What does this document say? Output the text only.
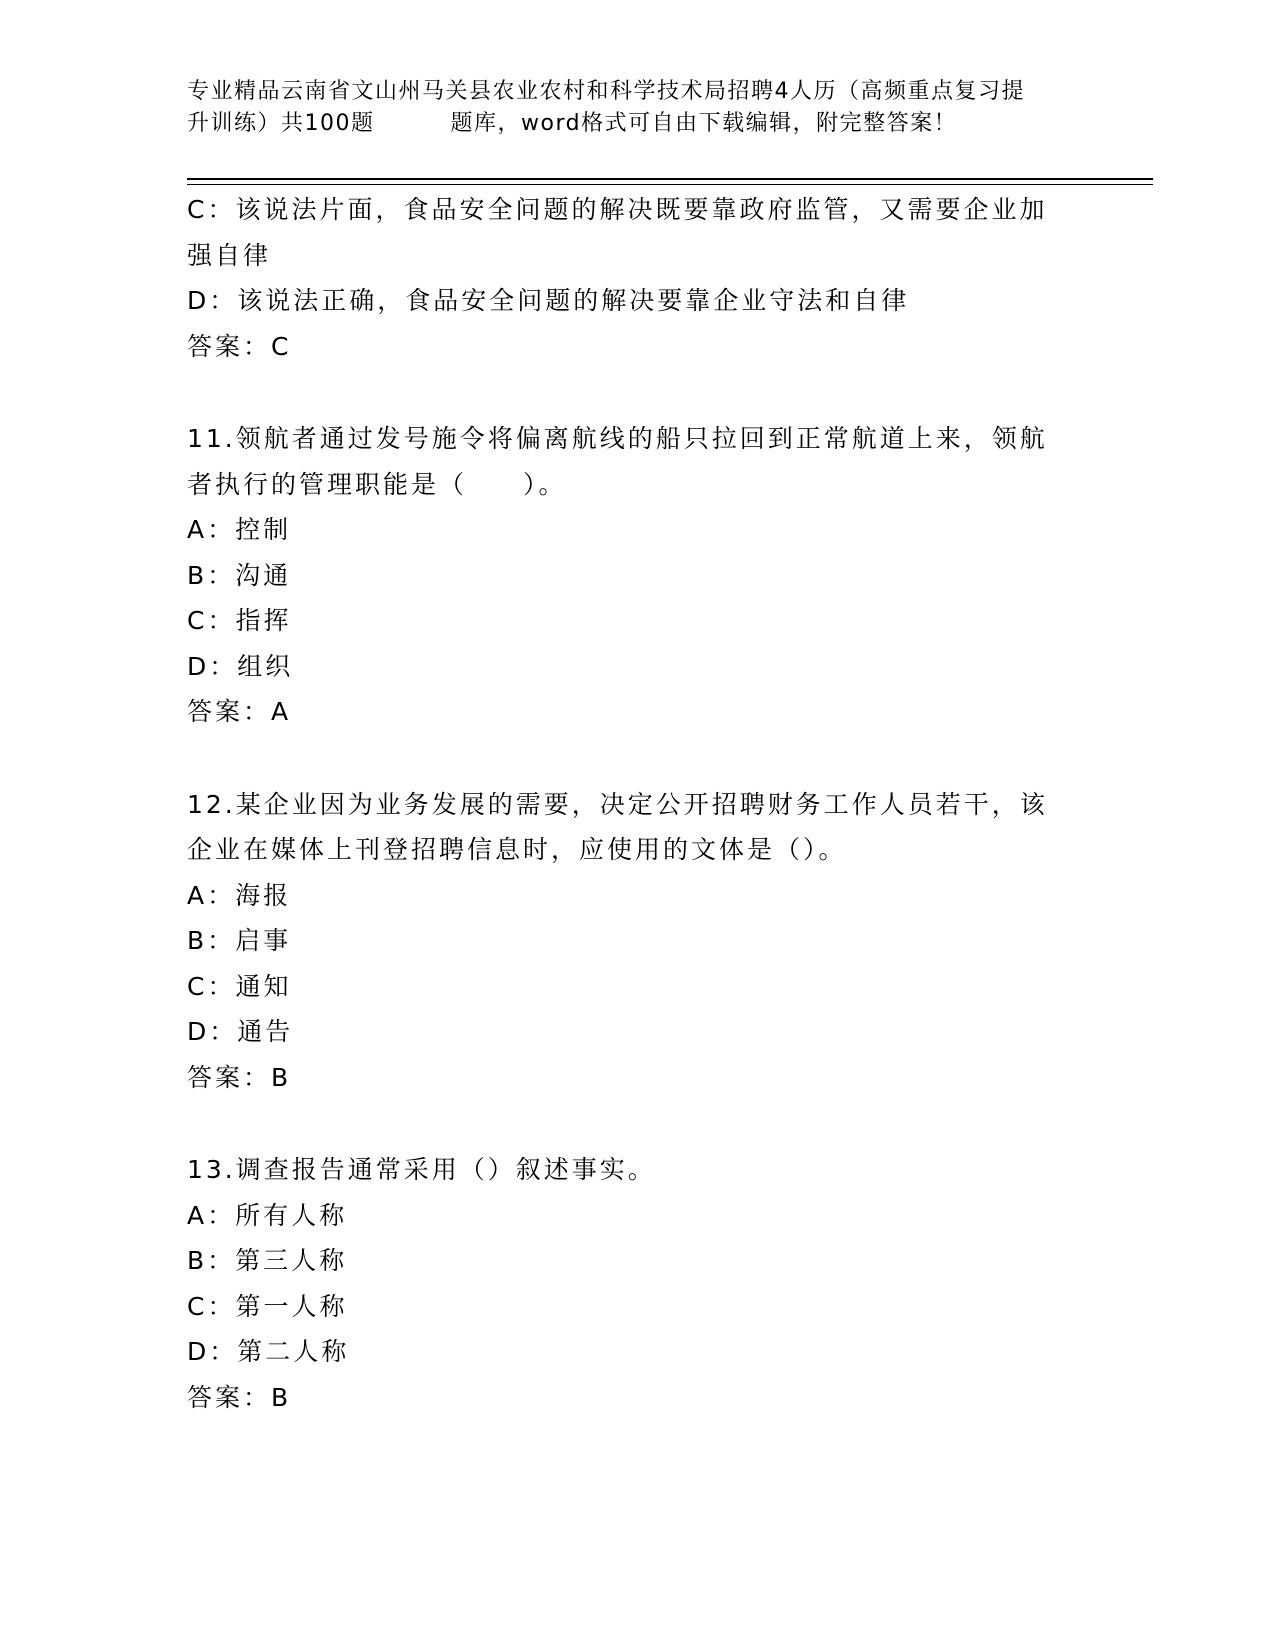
专业精品云南省文山州马关县农业农村和科学技术局招聘4人历（高频重点复习提
升训练）共100题	题库，word格式可自由下载编辑，附完整答案！
C：该说法片面，食品安全问题的解决既要靠政府监管，又需要企业加
强自律
D：该说法正确，食品安全问题的解决要靠企业守法和自律
答案：C
11.领航者通过发号施令将偏离航线的船只拉回到正常航道上来，领航
者执行的管理职能是（ ）。
A：控制
B：沟通
C：指挥
D：组织
答案：A
12.某企业因为业务发展的需要，决定公开招聘财务工作人员若干，该
企业在媒体上刊登招聘信息时，应使用的文体是（）。
A：海报
B：启事
C：通知
D：通告
答案：B
13.调查报告通常采用（）叙述事实。
A：所有人称
B：第三人称
C：第一人称
D：第二人称
答案：B
